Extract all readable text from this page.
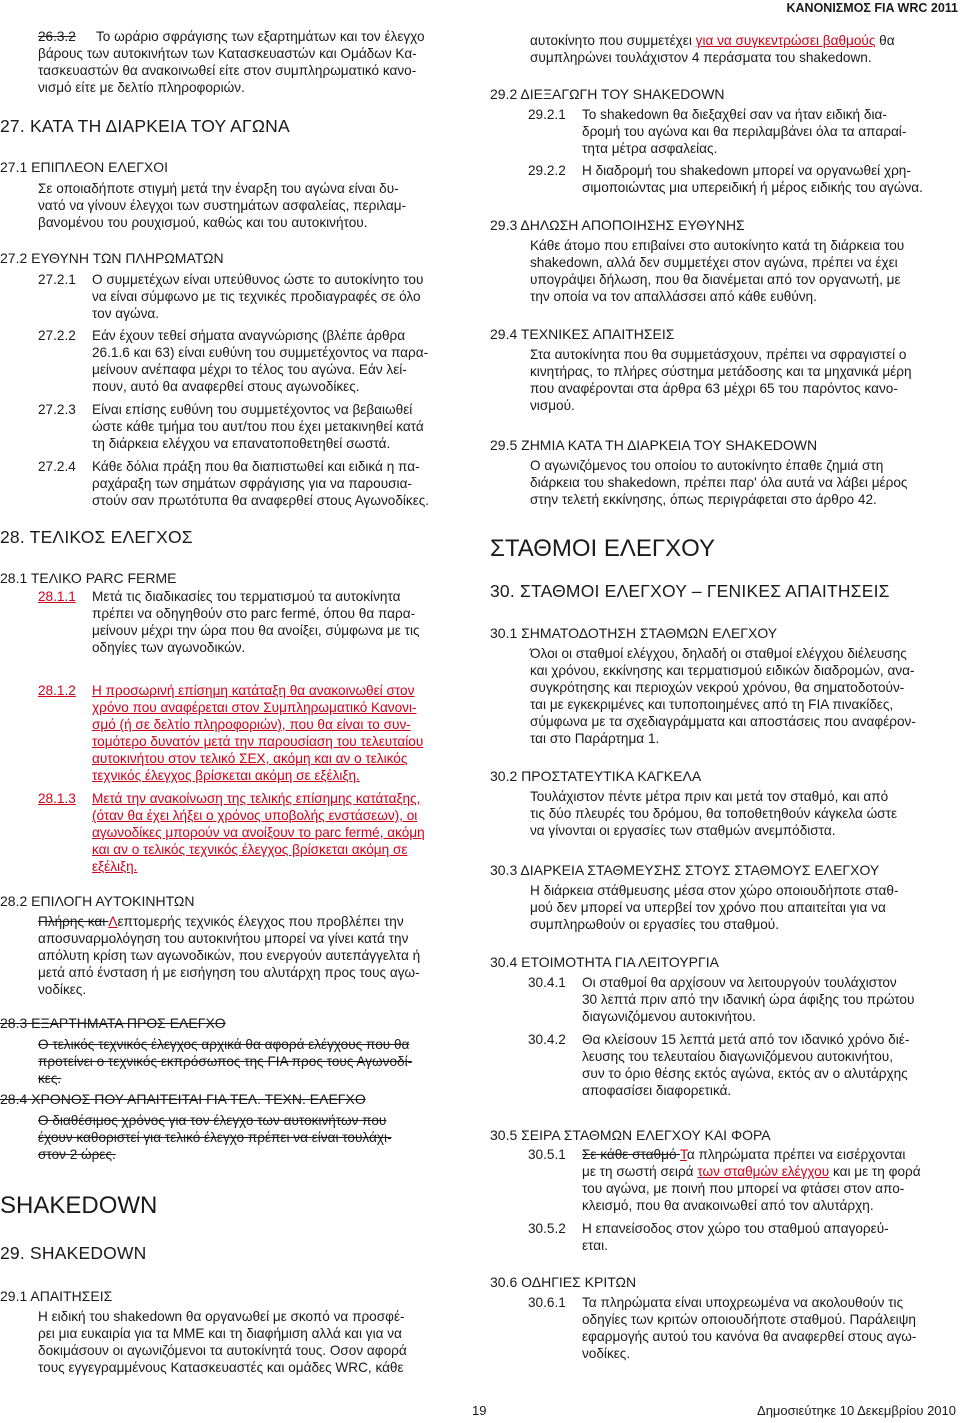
ΚΑΝΟΝΙΣΜΟΣ FIA WRC 2011
26.3.2 Το ωράριο σφράγισης των εξαρτημάτων και τον έλεγχο
βάρους των αυτοκινήτων των Κατασκευαστών και Ομάδων Κα-
τασκευαστών θα ανακοινωθεί είτε στον συμπληρωματικό κανο-
νισμό είτε με δελτίο πληροφοριών.
27. ΚΑΤΑ ΤΗ ΔΙΑΡΚΕΙΑ ΤΟΥ ΑΓΩΝΑ
27.1 ΕΠΙΠΛΕΟΝ ΕΛΕΓΧΟΙ
Σε οποιαδήποτε στιγμή μετά την έναρξη του αγώνα είναι δυ-
νατό να γίνουν έλεγχοι των συστημάτων ασφαλείας, περιλαμ-
βανομένου του ρουχισμού, καθώς και του αυτοκινήτου.
27.2 ΕΥΘΥΝΗ ΤΩΝ ΠΛΗΡΩΜΑΤΩΝ
27.2.1 Ο συμμετέχων είναι υπεύθυνος ώστε το αυτοκίνητο του
να είναι σύμφωνο με τις τεχνικές προδιαγραφές σε όλο
τον αγώνα.
27.2.2 Εάν έχουν τεθεί σήματα αναγνώρισης (βλέπε άρθρα
26.1.6 και 63) είναι ευθύνη του συμμετέχοντος να παρα-
μείνουν ανέπαφα μέχρι το τέλος του αγώνα. Εάν λεί-
πουν, αυτό θα αναφερθεί στους αγωνοδίκες.
27.2.3 Είναι επίσης ευθύνη του συμμετέχοντος να βεβαιωθεί
ώστε κάθε τμήμα του αυτ/του που έχει μετακινηθεί κατά
τη διάρκεια ελέγχου να επανατοποθετηθεί σωστά.
27.2.4 Κάθε δόλια πράξη που θα διαπιστωθεί και ειδικά η πα-
ραχάραξη των σημάτων σφράγισης για να παρουσια-
στούν σαν πρωτότυπα θα αναφερθεί στους Αγωνοδίκες.
28. ΤΕΛΙΚΟΣ ΕΛΕΓΧΟΣ
28.1 ΤΕΛΙΚΟ PARC FERME
28.1.1 Μετά τις διαδικασίες του τερματισμού τα αυτοκίνητα
πρέπει να οδηγηθούν στο parc fermé, όπου θα παρα-
μείνουν μέχρι την ώρα που θα ανοίξει, σύμφωνα με τις
οδηγίες των αγωνοδικών.
28.1.2 Η προσωρινή επίσημη κατάταξη θα ανακοινωθεί στον
χρόνο που αναφέρεται στον Συμπληρωματικό Κανονι-
σμό (ή σε δελτίο πληροφοριών), που θα είναι το συν-
τομότερο δυνατόν μετά την παρουσίαση του τελευταίου
αυτοκινήτου στον τελικό ΣΕΧ, ακόμη και αν ο τελικός
τεχνικός έλεγχος βρίσκεται ακόμη σε εξέλιξη.
28.1.3 Μετά την ανακοίνωση της τελικής επίσημης κατάταξης,
(όταν θα έχει λήξει ο χρόνος υποβολής ενστάσεων), οι
αγωνοδίκες μπορούν να ανοίξουν το parc fermé, ακόμη
και αν ο τελικός τεχνικός έλεγχος βρίσκεται ακόμη σε
εξέλιξη.
28.2 ΕΠΙΛΟΓΗ ΑΥΤΟΚΙΝΗΤΩΝ
Πλήρης και Λεπτομερής τεχνικός έλεγχος που προβλέπει την
αποσυναρμολόγηση του αυτοκινήτου μπορεί να γίνει κατά την
απόλυτη κρίση των αγωνοδικών, που ενεργούν αυτεπάγγελτα ή
μετά από ένσταση ή με εισήγηση του αλυτάρχη προς τους αγω-
νοδίκες.
28.3 ΕΞΑΡΤΗΜΑΤΑ ΠΡΟΣ ΕΛΕΓΧΟ
Ο τελικός τεχνικός έλεγχος αρχικά θα αφορά ελέγχους που θα
προτείνει ο τεχνικός εκπρόσωπος της FIA προς τους Αγωνοδί-
κες.
28.4 ΧΡΟΝΟΣ ΠΟΥ ΑΠΑΙΤΕΙΤΑΙ ΓΙΑ ΤΕΛ. ΤΕΧΝ. ΕΛΕΓΧΟ
Ο διαθέσιμος χρόνος για τον έλεγχο των αυτοκινήτων που
έχουν καθοριστεί για τελικό έλεγχο πρέπει να είναι τουλάχι-
στον 2 ώρες.
SHAKEDOWN
29. SHAKEDOWN
29.1 ΑΠΑΙΤΗΣΕΙΣ
Η ειδική του shakedown θα οργανωθεί με σκοπό να προσφέ-
ρει μια ευκαιρία για τα ΜΜΕ και τη διαφήμιση αλλά και για να
δοκιμάσουν οι αγωνιζόμενοι τα αυτοκίνητά τους. Οσον αφορά
τους εγγεγραμμένους Κατασκευαστές και ομάδες WRC, κάθε
αυτοκίνητο που συμμετέχει για να συγκεντρώσει βαθμούς θα
συμπληρώνει τουλάχιστον 4 περάσματα του shakedown.
29.2 ΔΙΕΞΑΓΩΓΗ ΤΟΥ SHAKEDOWN
29.2.1 Το shakedown θα διεξαχθεί σαν να ήταν ειδική δια-
δρομή του αγώνα και θα περιλαμβάνει όλα τα απαραί-
τητα μέτρα ασφαλείας.
29.2.2 Η διαδρομή του shakedown μπορεί να οργανωθεί χρη-
σιμοποιώντας μια υπερειδική ή μέρος ειδικής του αγώνα.
29.3 ΔΗΛΩΣΗ ΑΠΟΠΟΙΗΣΗΣ ΕΥΘΥΝΗΣ
Κάθε άτομο που επιβαίνει στο αυτοκίνητο κατά τη διάρκεια του
shakedown, αλλά δεν συμμετέχει στον αγώνα, πρέπει να έχει
υπογράψει δήλωση, που θα διανέμεται από τον οργανωτή, με
την οποία να τον απαλλάσσει από κάθε ευθύνη.
29.4 ΤΕΧΝΙΚΕΣ ΑΠΑΙΤΗΣΕΙΣ
Στα αυτοκίνητα που θα συμμετάσχουν, πρέπει να σφραγιστεί ο
κινητήρας, το πλήρες σύστημα μετάδοσης και τα μηχανικά μέρη
που αναφέρονται στα άρθρα 63 μέχρι 65 του παρόντος κανο-
νισμού.
29.5 ΖΗΜΙΑ ΚΑΤΑ ΤΗ ΔΙΑΡΚΕΙΑ ΤΟΥ SHAKEDOWN
Ο αγωνιζόμενος του οποίου το αυτοκίνητο έπαθε ζημιά στη
διάρκεια του shakedown, πρέπει παρ' όλα αυτά να λάβει μέρος
στην τελετή εκκίνησης, όπως περιγράφεται στο άρθρο 42.
ΣΤΑΘΜΟΙ ΕΛΕΓΧΟΥ
30. ΣΤΑΘΜΟΙ ΕΛΕΓΧΟΥ – ΓΕΝΙΚΕΣ ΑΠΑΙΤΗΣΕΙΣ
30.1 ΣΗΜΑΤΟΔΟΤΗΣΗ ΣΤΑΘΜΩΝ ΕΛΕΓΧΟΥ
Όλοι οι σταθμοί ελέγχου, δηλαδή οι σταθμοί ελέγχου διέλευσης
και χρόνου, εκκίνησης και τερματισμού ειδικών διαδρομών, ανα-
συγκρότησης και περιοχών νεκρού χρόνου, θα σηματοδοτούν-
ται με εγκεκριμένες και τυποποιημένες από τη FIA πινακίδες,
σύμφωνα με τα σχεδιαγράμματα και αποστάσεις που αναφέρον-
ται στο Παράρτημα 1.
30.2 ΠΡΟΣΤΑΤΕΥΤΙΚΑ ΚΑΓΚΕΛΑ
Τουλάχιστον πέντε μέτρα πριν και μετά τον σταθμό, και από
τις δύο πλευρές του δρόμου, θα τοποθετηθούν κάγκελα ώστε
να γίνονται οι εργασίες των σταθμών ανεμπόδιστα.
30.3 ΔΙΑΡΚΕΙΑ ΣΤΑΘΜΕΥΣΗΣ ΣΤΟΥΣ ΣΤΑΘΜΟΥΣ ΕΛΕΓΧΟΥ
Η διάρκεια στάθμευσης μέσα στον χώρο οποιουδήποτε σταθ-
μού δεν μπορεί να υπερβεί τον χρόνο που απαιτείται για να
συμπληρωθούν οι εργασίες του σταθμού.
30.4 ΕΤΟΙΜΟΤΗΤΑ ΓΙΑ ΛΕΙΤΟΥΡΓΙΑ
30.4.1 Οι σταθμοί θα αρχίσουν να λειτουργούν τουλάχιστον
30 λεπτά πριν από την ιδανική ώρα άφιξης του πρώτου
διαγωνιζόμενου αυτοκινήτου.
30.4.2 Θα κλείσουν 15 λεπτά μετά από τον ιδανικό χρόνο διέ-
λευσης του τελευταίου διαγωνιζόμενου αυτοκινήτου,
συν το όριο θέσης εκτός αγώνα, εκτός αν ο αλυτάρχης
αποφασίσει διαφορετικά.
30.5 ΣΕΙΡΑ ΣΤΑΘΜΩΝ ΕΛΕΓΧΟΥ ΚΑΙ ΦΟΡΑ
30.5.1 Σε κάθε σταθμό Τα πληρώματα πρέπει να εισέρχονται
με τη σωστή σειρά των σταθμών ελέγχου και με τη φορά
του αγώνα, με ποινή που μπορεί να φτάσει στον απο-
κλεισμό, που θα ανακοινωθεί από τον αλυτάρχη.
30.5.2 Η επανείσοδος στον χώρο του σταθμού απαγορεύ-
εται.
30.6 ΟΔΗΓΙΕΣ ΚΡΙΤΩΝ
30.6.1 Τα πληρώματα είναι υποχρεωμένα να ακολουθούν τις
οδηγίες των κριτών οποιουδήποτε σταθμού. Παράλειψη
εφαρμογής αυτού του κανόνα θα αναφερθεί στους αγω-
νοδίκες.
19	Δημοσιεύτηκε 10 Δεκεμβρίου 2010
